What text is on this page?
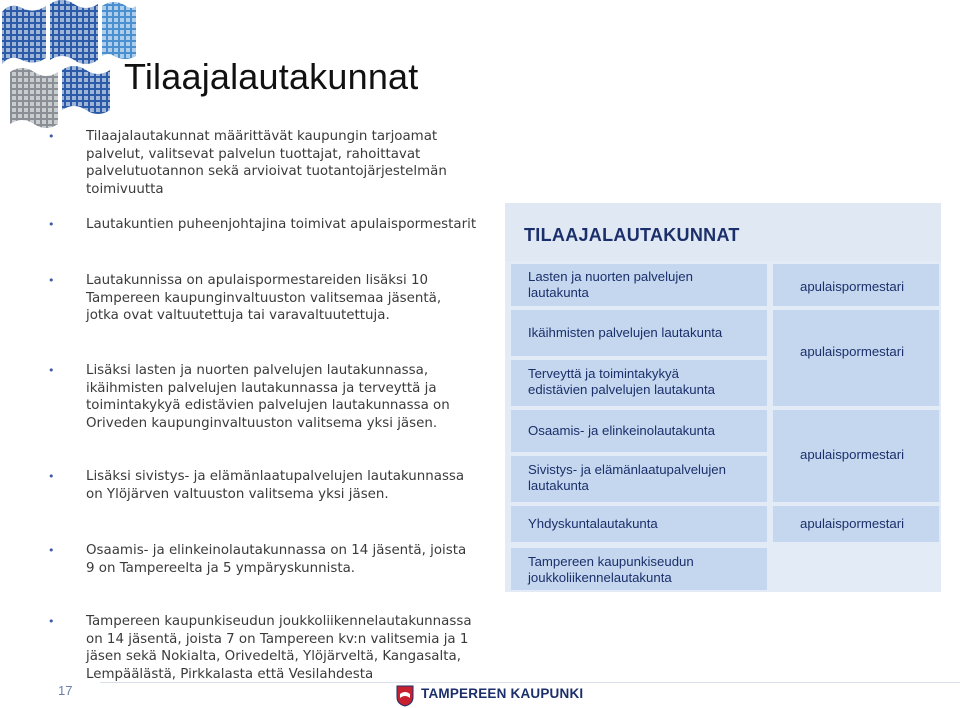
Tilaajalautakunnat
• Tilaajalautakunnat määrittävät kaupungin tarjoamat palvelut, valitsevat palvelun tuottajat, rahoittavat palvelutuotannon sekä arvioivat tuotantojärjestelmän toimivuutta
• Lautakuntien puheenjohtajina toimivat apulaispormestarit
• Lautakunnissa on apulaispormestareiden lisäksi 10 Tampereen kaupunginvaltuuston valitsemaa jäsentä, jotka ovat valtuutettuja tai varavaltuutettuja.
• Lisäksi lasten ja nuorten palvelujen lautakunnassa, ikäihmisten palvelujen lautakunnassa ja terveyttä ja toimintakykyä edistävien palvelujen lautakunnassa on Oriveden kaupunginvaltuuston valitsema yksi jäsen.
• Lisäksi sivistys- ja elämänlaatupalvelujen lautakunnassa on Ylöjärven valtuuston valitsema yksi jäsen.
• Osaamis- ja elinkeinolautakunnassa on 14 jäsentä, joista 9 on Tampereelta ja 5 ympäryskunnista.
• Tampereen kaupunkiseudun joukkoliikennelautakunnassa on 14 jäsentä, joista 7 on Tampereen kv:n valitsemia ja 1 jäsen sekä Nokialta, Orivedeltä, Ylöjärveltä, Kangasalta, Lempäälästä, Pirkkalasta että Vesilahdesta
TILAAJALAUTAKUNNAT
Lasten ja nuorten palvelujen
lautakunta
Ikäihmisten palvelujen lautakunta
Terveyttä ja toimintakykyä
edistävien palvelujen lautakunta
Osaamis- ja elinkeinolautakunta
Sivistys- ja elämänlaatupalvelujen
lautakunta
Yhdyskuntalautakunta
Tampereen kaupunkiseudun
joukkoliikennelautakunta
apulaispormestari
apulaispormestari
apulaispormestari
apulaispormestari
17	TAMPEREEN KAUPUNKI
